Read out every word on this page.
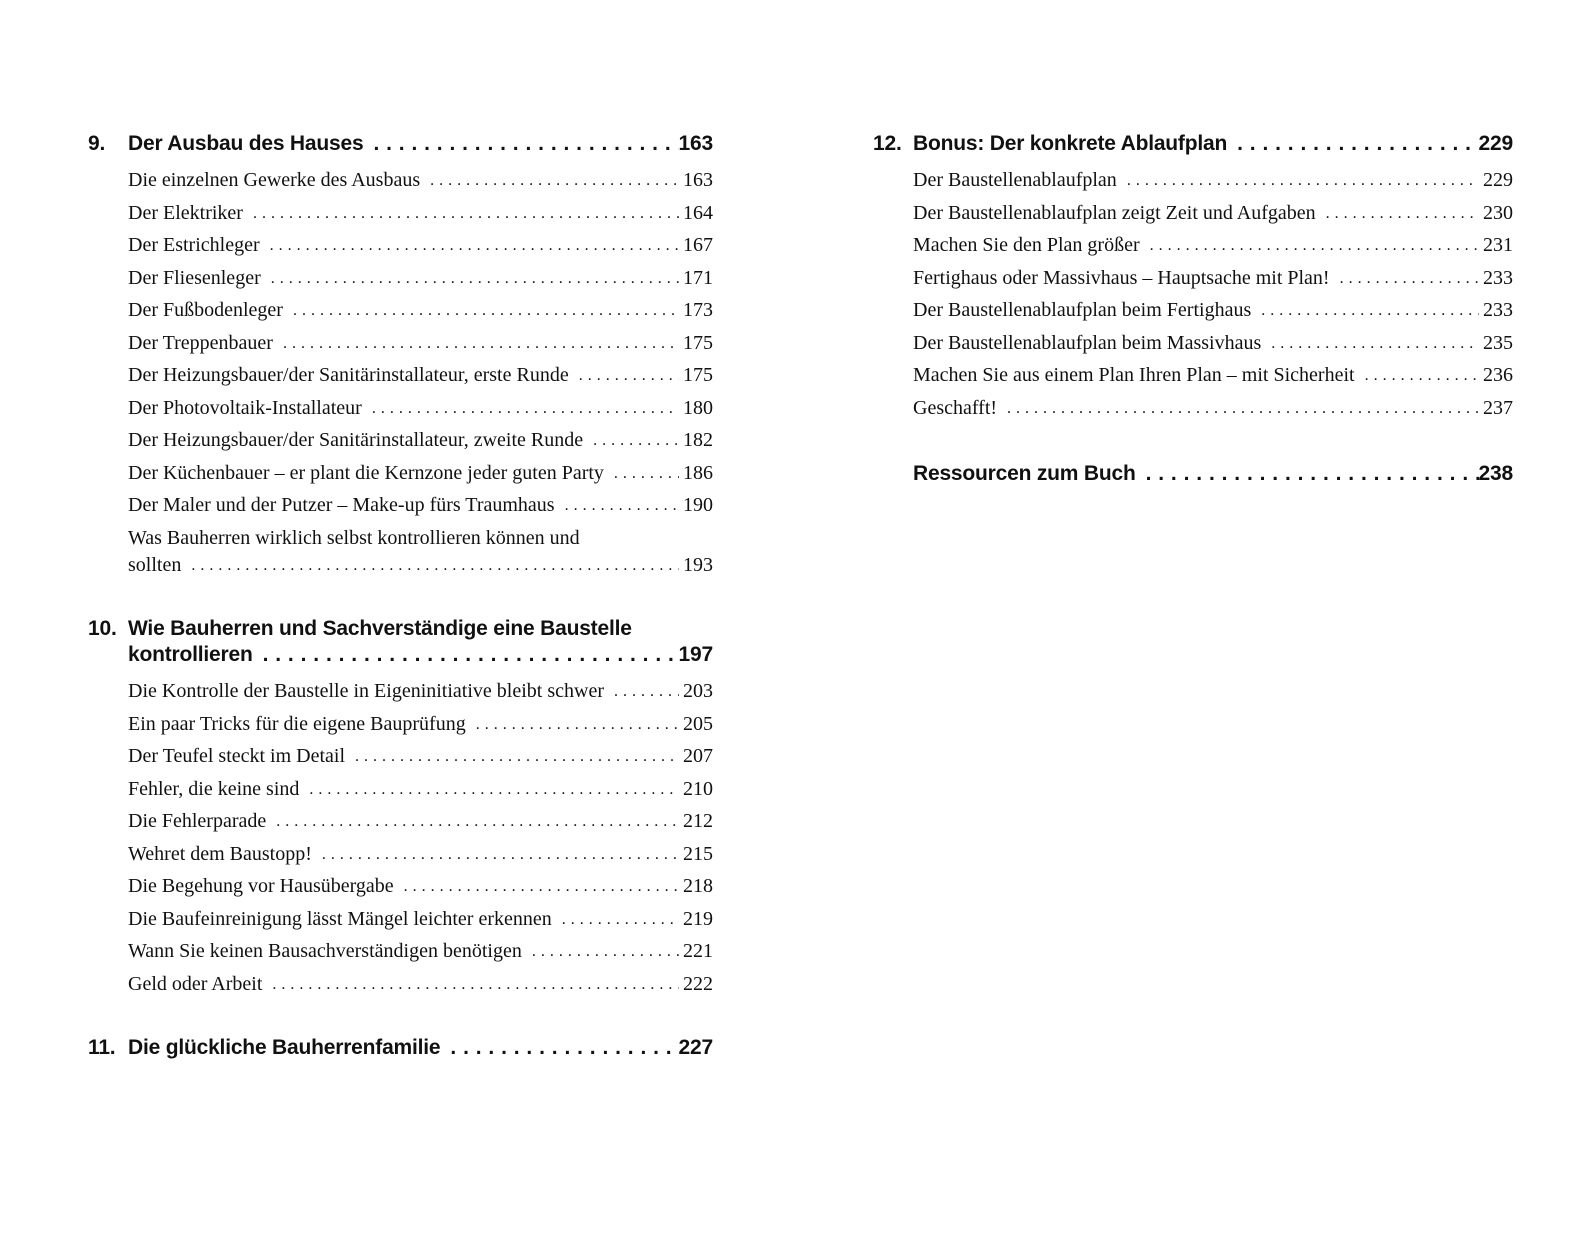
9.	Der Ausbau des Hauses . . .	163
Die einzelnen Gewerke des Ausbaus . . .	163
Der Elektriker . . .	164
Der Estrichleger . . .	167
Der Fliesenleger . . .	171
Der Fußbodenleger . . .	173
Der Treppenbauer . . .	175
Der Heizungsbauer/der Sanitärinstallateur, erste Runde . . .	175
Der Photovoltaik-Installateur . . .	180
Der Heizungsbauer/der Sanitärinstallateur, zweite Runde . . .	182
Der Küchenbauer – er plant die Kernzone jeder guten Party . . .	186
Der Maler und der Putzer – Make-up fürs Traumhaus . . .	190
Was Bauherren wirklich selbst kontrollieren können und
sollten . . .	193
10. Wie Bauherren und Sachverständige eine Baustelle
kontrollieren . . .	197
Die Kontrolle der Baustelle in Eigeninitiative bleibt schwer . . .	203
Ein paar Tricks für die eigene Bauprüfung . . .	205
Der Teufel steckt im Detail . . .	207
Fehler, die keine sind . . .	210
Die Fehlerparade . . .	212
Wehret dem Baustopp! . . .	215
Die Begehung vor Hausübergabe . . .	218
Die Baufeinreinigung lässt Mängel leichter erkennen . . .	219
Wann Sie keinen Bausachverständigen benötigen . . .	221
Geld oder Arbeit . . .	222
11. Die glückliche Bauherrenfamilie . . .	227
12. Bonus: Der konkrete Ablaufplan . . .	229
Der Baustellenablaufplan . . .	229
Der Baustellenablaufplan zeigt Zeit und Aufgaben . . .	230
Machen Sie den Plan größer . . .	231
Fertighaus oder Massivhaus – Hauptsache mit Plan! . . .	233
Der Baustellenablaufplan beim Fertighaus . . .	233
Der Baustellenablaufplan beim Massivhaus . . .	235
Machen Sie aus einem Plan Ihren Plan – mit Sicherheit . . .	236
Geschafft! . . .	237
Ressourcen zum Buch . . .	238
